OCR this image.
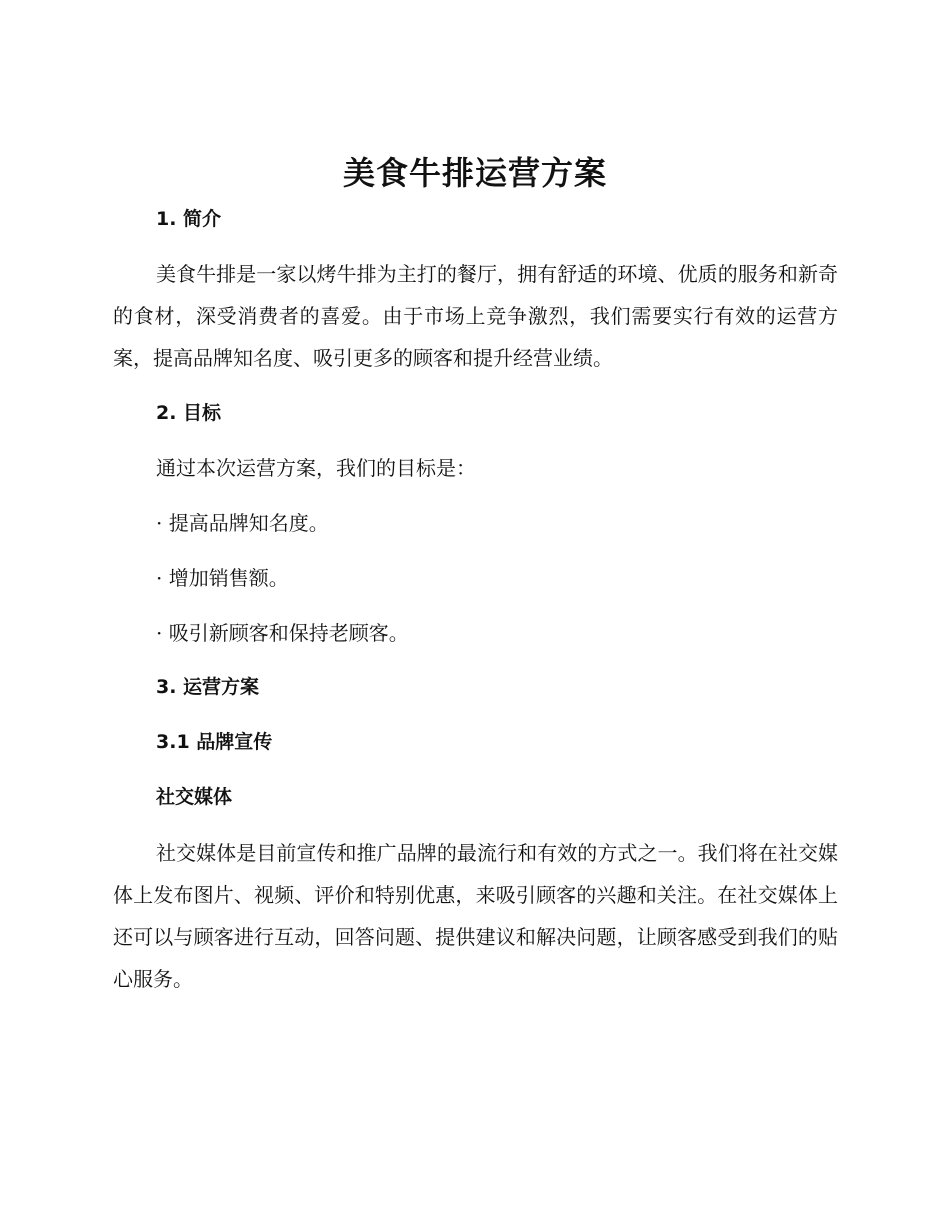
美食牛排运营方案
1. 简介

美食牛排是一家以烤牛排为主打的餐厅，拥有舒适的环境、优质的服务和新奇的食材，深受消费者的喜爱。由于市场上竞争激烈，我们需要实行有效的运营方案，提高品牌知名度、吸引更多的顾客和提升经营业绩。

2. 目标

通过本次运营方案，我们的目标是：

· 提高品牌知名度。

· 增加销售额。

· 吸引新顾客和保持老顾客。

3. 运营方案
3.1 品牌宣传
社交媒体

社交媒体是目前宣传和推广品牌的最流行和有效的方式之一。我们将在社交媒体上发布图片、视频、评价和特别优惠，来吸引顾客的兴趣和关注。在社交媒体上还可以与顾客进行互动，回答问题、提供建议和解决问题，让顾客感受到我们的贴心服务。
